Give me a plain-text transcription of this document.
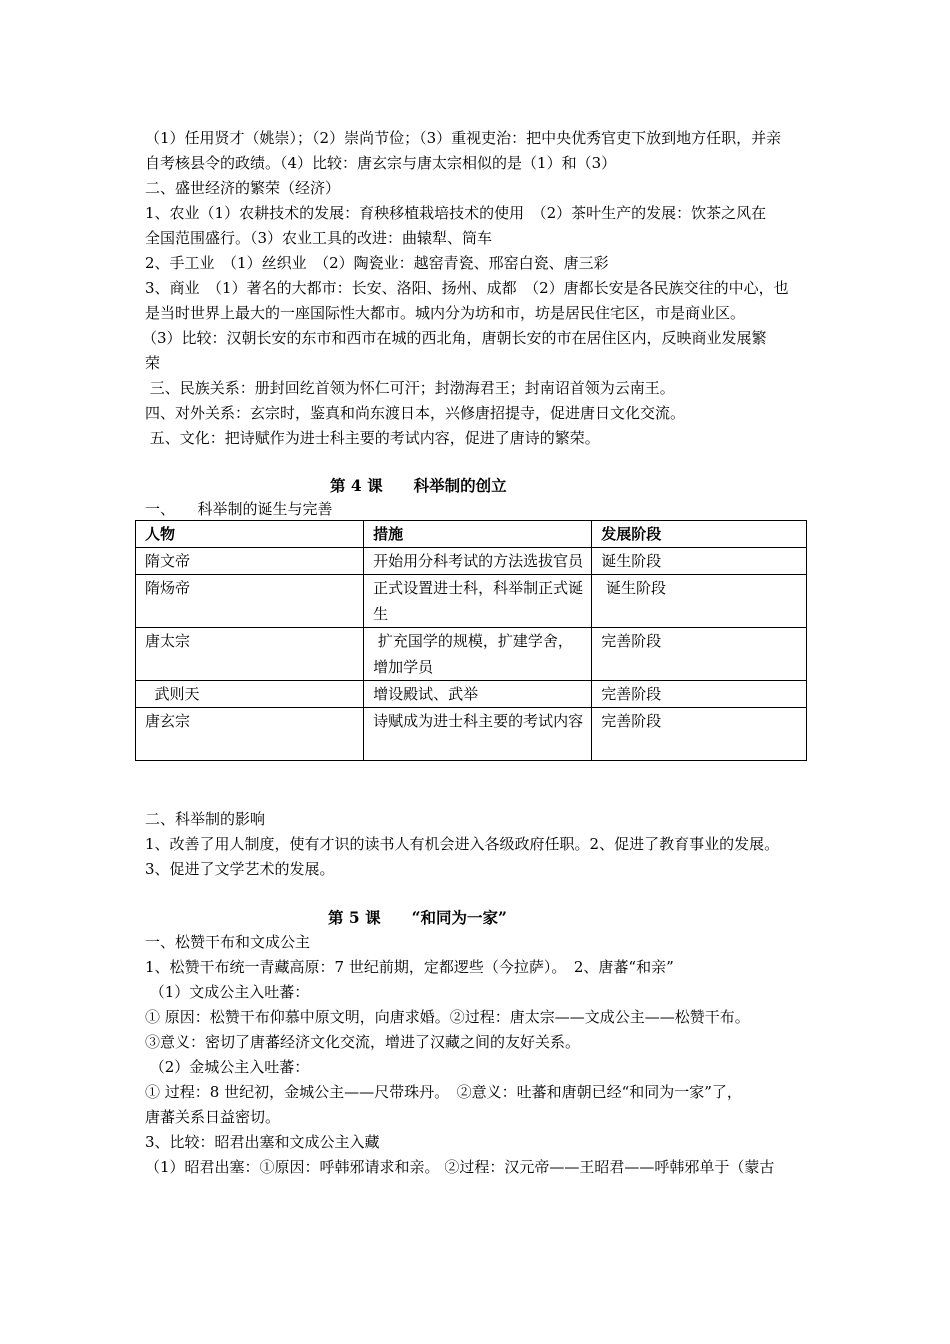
（1）任用贤才（姚崇）；（2）崇尚节俭；（3）重视吏治：把中央优秀官吏下放到地方任职，并亲

自考核县令的政绩。（4）比较：唐玄宗与唐太宗相似的是（1）和（3）

二、盛世经济的繁荣（经济）

1、农业（1）农耕技术的发展：育秧移植栽培技术的使用　（2）茶叶生产的发展：饮茶之风在

全国范围盛行。（3）农业工具的改进：曲辕犁、筒车

2、手工业　（1）丝织业　（2）陶瓷业：越窑青瓷、邢窑白瓷、唐三彩

3、商业　（1）著名的大都市：长安、洛阳、扬州、成都　（2）唐都长安是各民族交往的中心，也

是当时世界上最大的一座国际性大都市。城内分为坊和市，坊是居民住宅区，市是商业区。

（3）比较：汉朝长安的东市和西市在城的西北角，唐朝长安的市在居住区内，反映商业发展繁

荣

三、民族关系：册封回纥首领为怀仁可汗；封渤海君王；封南诏首领为云南王。

四、对外关系：玄宗时，鉴真和尚东渡日本，兴修唐招提寺，促进唐日文化交流。

五、文化：把诗赋作为进士科主要的考试内容，促进了唐诗的繁荣。

第 4 课　　科举制的创立

一、　　科举制的诞生与完善

人物	措施	发展阶段
隋文帝	开始用分科考试的方法选拔官员	诞生阶段
隋炀帝	正式设置进士科，科举制正式诞生	诞生阶段
唐太宗	扩充国学的规模，扩建学舍，增加学员	完善阶段
武则天	增设殿试、武举	完善阶段
唐玄宗	诗赋成为进士科主要的考试内容	完善阶段

二、科举制的影响

1、改善了用人制度，使有才识的读书人有机会进入各级政府任职。2、促进了教育事业的发展。

3、促进了文学艺术的发展。

第 5 课　　“和同为一家”

一、松赞干布和文成公主

1、松赞干布统一青藏高原：7 世纪前期，定都逻些（今拉萨）。　2、唐蕃“和亲”

（1）文成公主入吐蕃：

① 原因：松赞干布仰慕中原文明，向唐求婚。②过程：唐太宗——文成公主——松赞干布。

③意义：密切了唐蕃经济文化交流，增进了汉藏之间的友好关系。

（2）金城公主入吐蕃：

① 过程：8 世纪初，金城公主——尺带珠丹。　②意义：吐蕃和唐朝已经“和同为一家”了，

唐蕃关系日益密切。

3、比较：昭君出塞和文成公主入藏

（1）昭君出塞：①原因：呼韩邪请求和亲。 ②过程：汉元帝——王昭君——呼韩邪单于（蒙古
